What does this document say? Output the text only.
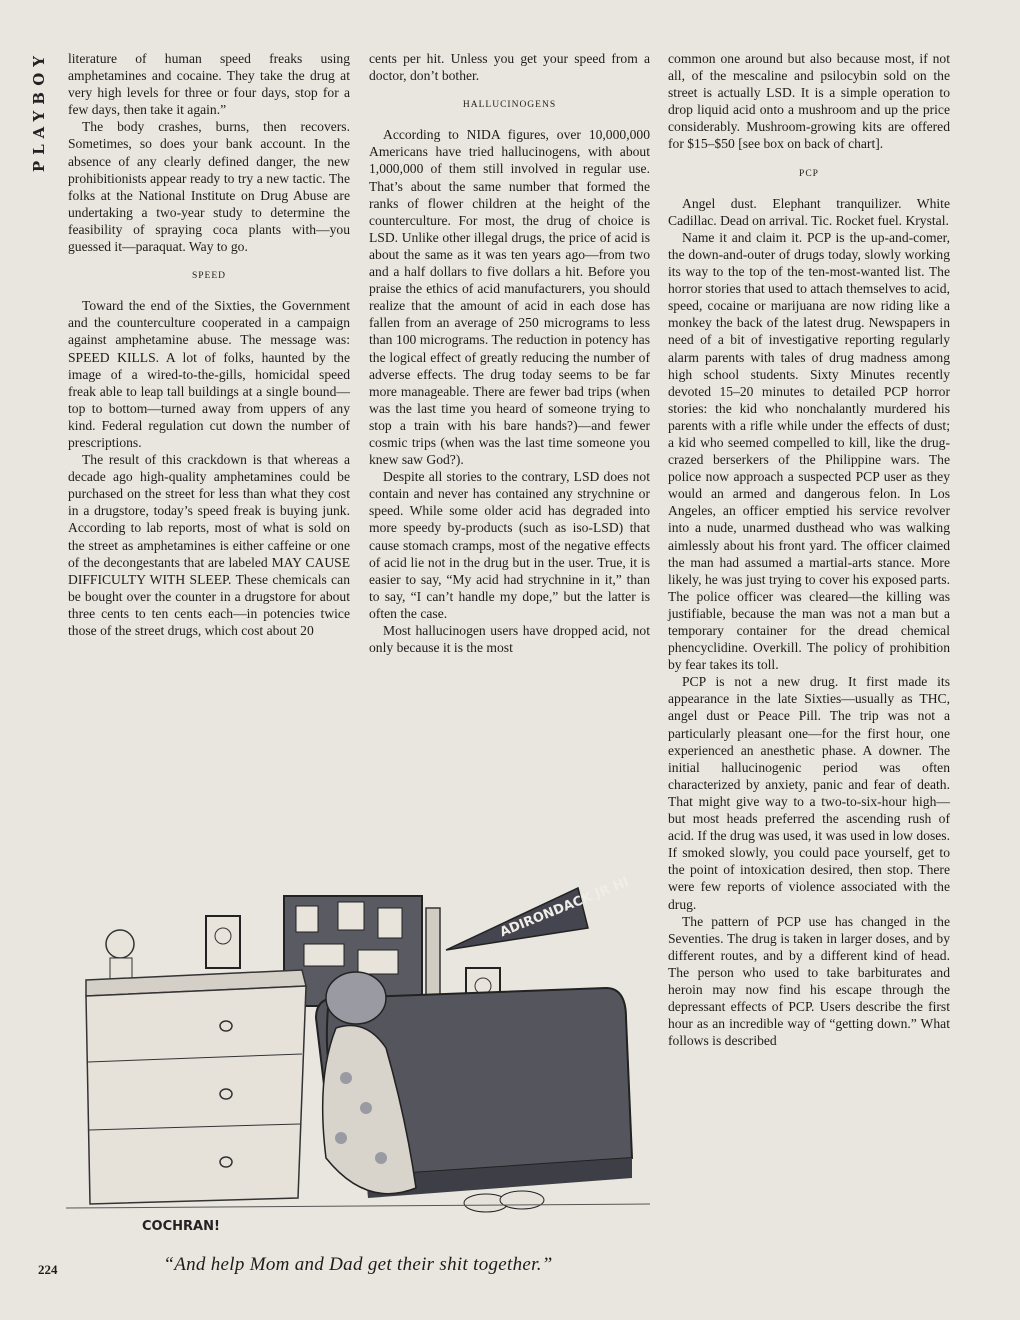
PLAYBOY literature of human speed freaks using amphetamines and cocaine. They take the drug at very high levels for three or four days, stop for a few days, then take it again.”

The body crashes, burns, then recovers. Sometimes, so does your bank account. In the absence of any clearly defined danger, the new prohibitionists appear ready to try a new tactic. The folks at the National Institute on Drug Abuse are undertaking a two-year study to determine the feasibility of spraying coca plants with—you guessed it—paraquat. Way to go.

SPEED

Toward the end of the Sixties, the Government and the counterculture cooperated in a campaign against amphetamine abuse. The message was: SPEED KILLS. A lot of folks, haunted by the image of a wired-to-the-gills, homicidal speed freak able to leap tall buildings at a single bound—top to bottom—turned away from uppers of any kind. Federal regulation cut down the number of prescriptions.

The result of this crackdown is that whereas a decade ago high-quality amphetamines could be purchased on the street for less than what they cost in a drugstore, today’s speed freak is buying junk. According to lab reports, most of what is sold on the street as amphetamines is either caffeine or one of the decongestants that are labeled MAY CAUSE DIFFICULTY WITH SLEEP. These chemicals can be bought over the counter in a drugstore for about three cents to ten cents each—in potencies twice those of the street drugs, which cost about 20

cents per hit. Unless you get your speed from a doctor, don’t bother.

HALLUCINOGENS

According to NIDA figures, over 10,000,000 Americans have tried hallucinogens, with about 1,000,000 of them still involved in regular use. That’s about the same number that formed the ranks of flower children at the height of the counterculture. For most, the drug of choice is LSD. Unlike other illegal drugs, the price of acid is about the same as it was ten years ago—from two and a half dollars to five dollars a hit. Before you praise the ethics of acid manufacturers, you should realize that the amount of acid in each dose has fallen from an average of 250 micrograms to less than 100 micrograms. The reduction in potency has the logical effect of greatly reducing the number of adverse effects. The drug today seems to be far more manageable. There are fewer bad trips (when was the last time you heard of someone trying to stop a train with his bare hands?)—and fewer cosmic trips (when was the last time someone you knew saw God?).

Despite all stories to the contrary, LSD does not contain and never has contained any strychnine or speed. While some older acid has degraded into more speedy by-products (such as iso-LSD) that cause stomach cramps, most of the negative effects of acid lie not in the drug but in the user. True, it is easier to say, “My acid had strychnine in it,” than to say, “I can’t handle my dope,” but the latter is often the case.

Most hallucinogen users have dropped acid, not only because it is the most

common one around but also because most, if not all, of the mescaline and psilocybin sold on the street is actually LSD. It is a simple operation to drop liquid acid onto a mushroom and up the price considerably. Mushroom-growing kits are offered for $15–$50 [see box on back of chart].

PCP

Angel dust. Elephant tranquilizer. White Cadillac. Dead on arrival. Tic. Rocket fuel. Krystal.

Name it and claim it. PCP is the up-and-comer, the down-and-outer of drugs today, slowly working its way to the top of the ten-most-wanted list. The horror stories that used to attach themselves to acid, speed, cocaine or marijuana are now riding like a monkey the back of the latest drug. Newspapers in need of a bit of investigative reporting regularly alarm parents with tales of drug madness among high school students. Sixty Minutes recently devoted 15–20 minutes to detailed PCP horror stories: the kid who nonchalantly murdered his parents with a rifle while under the effects of dust; a kid who seemed compelled to kill, like the drug-crazed berserkers of the Philippine wars. The police now approach a suspected PCP user as they would an armed and dangerous felon. In Los Angeles, an officer emptied his service revolver into a nude, unarmed dusthead who was walking aimlessly about his front yard. The officer claimed the man had assumed a martial-arts stance. More likely, he was just trying to cover his exposed parts. The police officer was cleared—the killing was justifiable, because the man was not a man but a temporary container for the dread chemical phencyclidine. Overkill. The policy of prohibition by fear takes its toll.

PCP is not a new drug. It first made its appearance in the late Sixties—usually as THC, angel dust or Peace Pill. The trip was not a particularly pleasant one—for the first hour, one experienced an anesthetic phase. A downer. The initial hallucinogenic period was often characterized by anxiety, panic and fear of death. That might give way to a two-to-six-hour high—but most heads preferred the ascending rush of acid. If the drug was used, it was used in low doses. If smoked slowly, you could pace yourself, get to the point of intoxication desired, then stop. There were few reports of violence associated with the drug.

The pattern of PCP use has changed in the Seventies. The drug is taken in larger doses, and by different routes, and by a different kind of head. The person who used to take barbiturates and heroin may now find his escape through the depressant effects of PCP. Users describe the first hour as an incredible way of “getting down.” What follows is described

ADIRONDACK JR HI
COCHRAN!
“And help Mom and Dad get their shit together.”
224
